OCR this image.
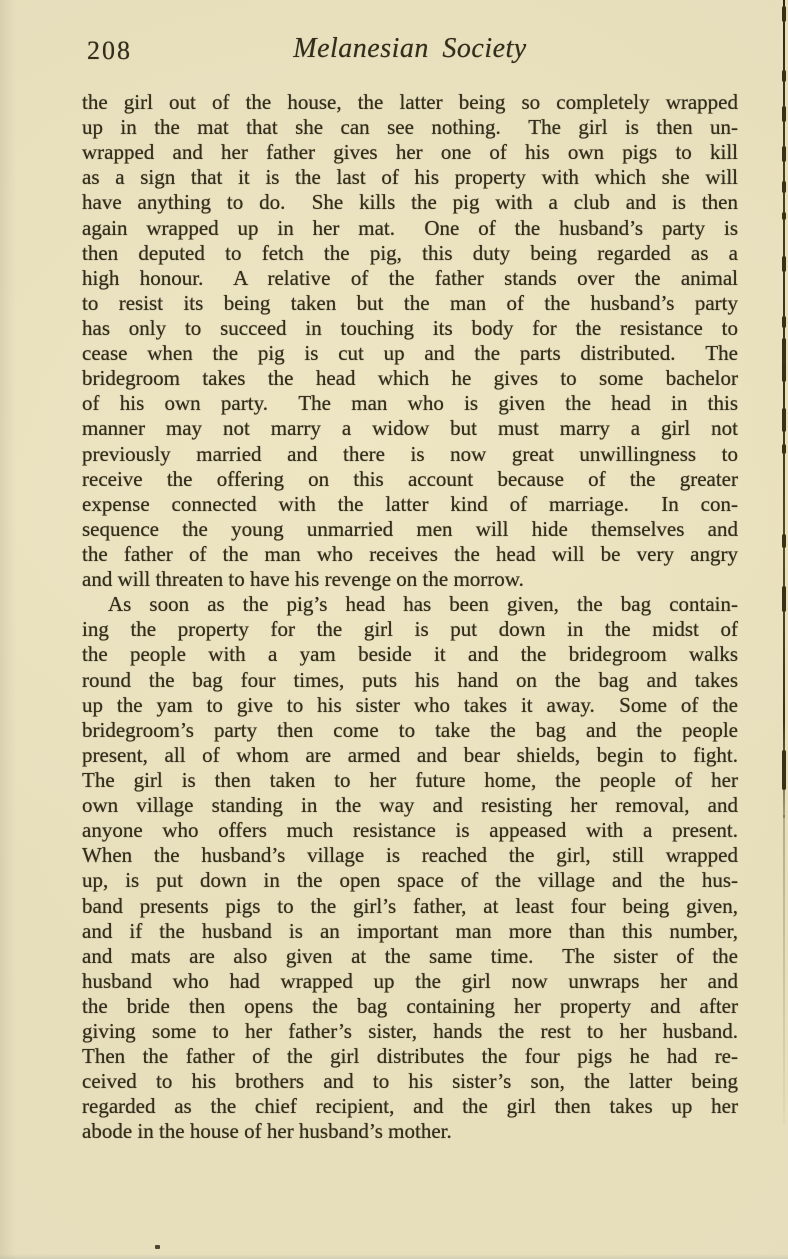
208	Melanesian Society
the girl out of the house, the latter being so completely wrapped
up in the mat that she can see nothing.  The girl is then un-
wrapped and her father gives her one of his own pigs to kill
as a sign that it is the last of his property with which she will
have anything to do.  She kills the pig with a club and is then
again wrapped up in her mat.  One of the husband’s party is
then deputed to fetch the pig, this duty being regarded as a
high honour.  A relative of the father stands over the animal
to resist its being taken but the man of the husband’s party
has only to succeed in touching its body for the resistance to
cease when the pig is cut up and the parts distributed.  The
bridegroom takes the head which he gives to some bachelor
of his own party.  The man who is given the head in this
manner may not marry a widow but must marry a girl not
previously married and there is now great unwillingness to
receive the offering on this account because of the greater
expense connected with the latter kind of marriage.  In con-
sequence the young unmarried men will hide themselves and
the father of the man who receives the head will be very angry
and will threaten to have his revenge on the morrow.
As soon as the pig’s head has been given, the bag contain-
ing the property for the girl is put down in the midst of
the people with a yam beside it and the bridegroom walks
round the bag four times, puts his hand on the bag and takes
up the yam to give to his sister who takes it away.  Some of the
bridegroom’s party then come to take the bag and the people
present, all of whom are armed and bear shields, begin to fight.
The girl is then taken to her future home, the people of her
own village standing in the way and resisting her removal, and
anyone who offers much resistance is appeased with a present.
When the husband’s village is reached the girl, still wrapped
up, is put down in the open space of the village and the hus-
band presents pigs to the girl’s father, at least four being given,
and if the husband is an important man more than this number,
and mats are also given at the same time.  The sister of the
husband who had wrapped up the girl now unwraps her and
the bride then opens the bag containing her property and after
giving some to her father’s sister, hands the rest to her husband.
Then the father of the girl distributes the four pigs he had re-
ceived to his brothers and to his sister’s son, the latter being
regarded as the chief recipient, and the girl then takes up her
abode in the house of her husband’s mother.
